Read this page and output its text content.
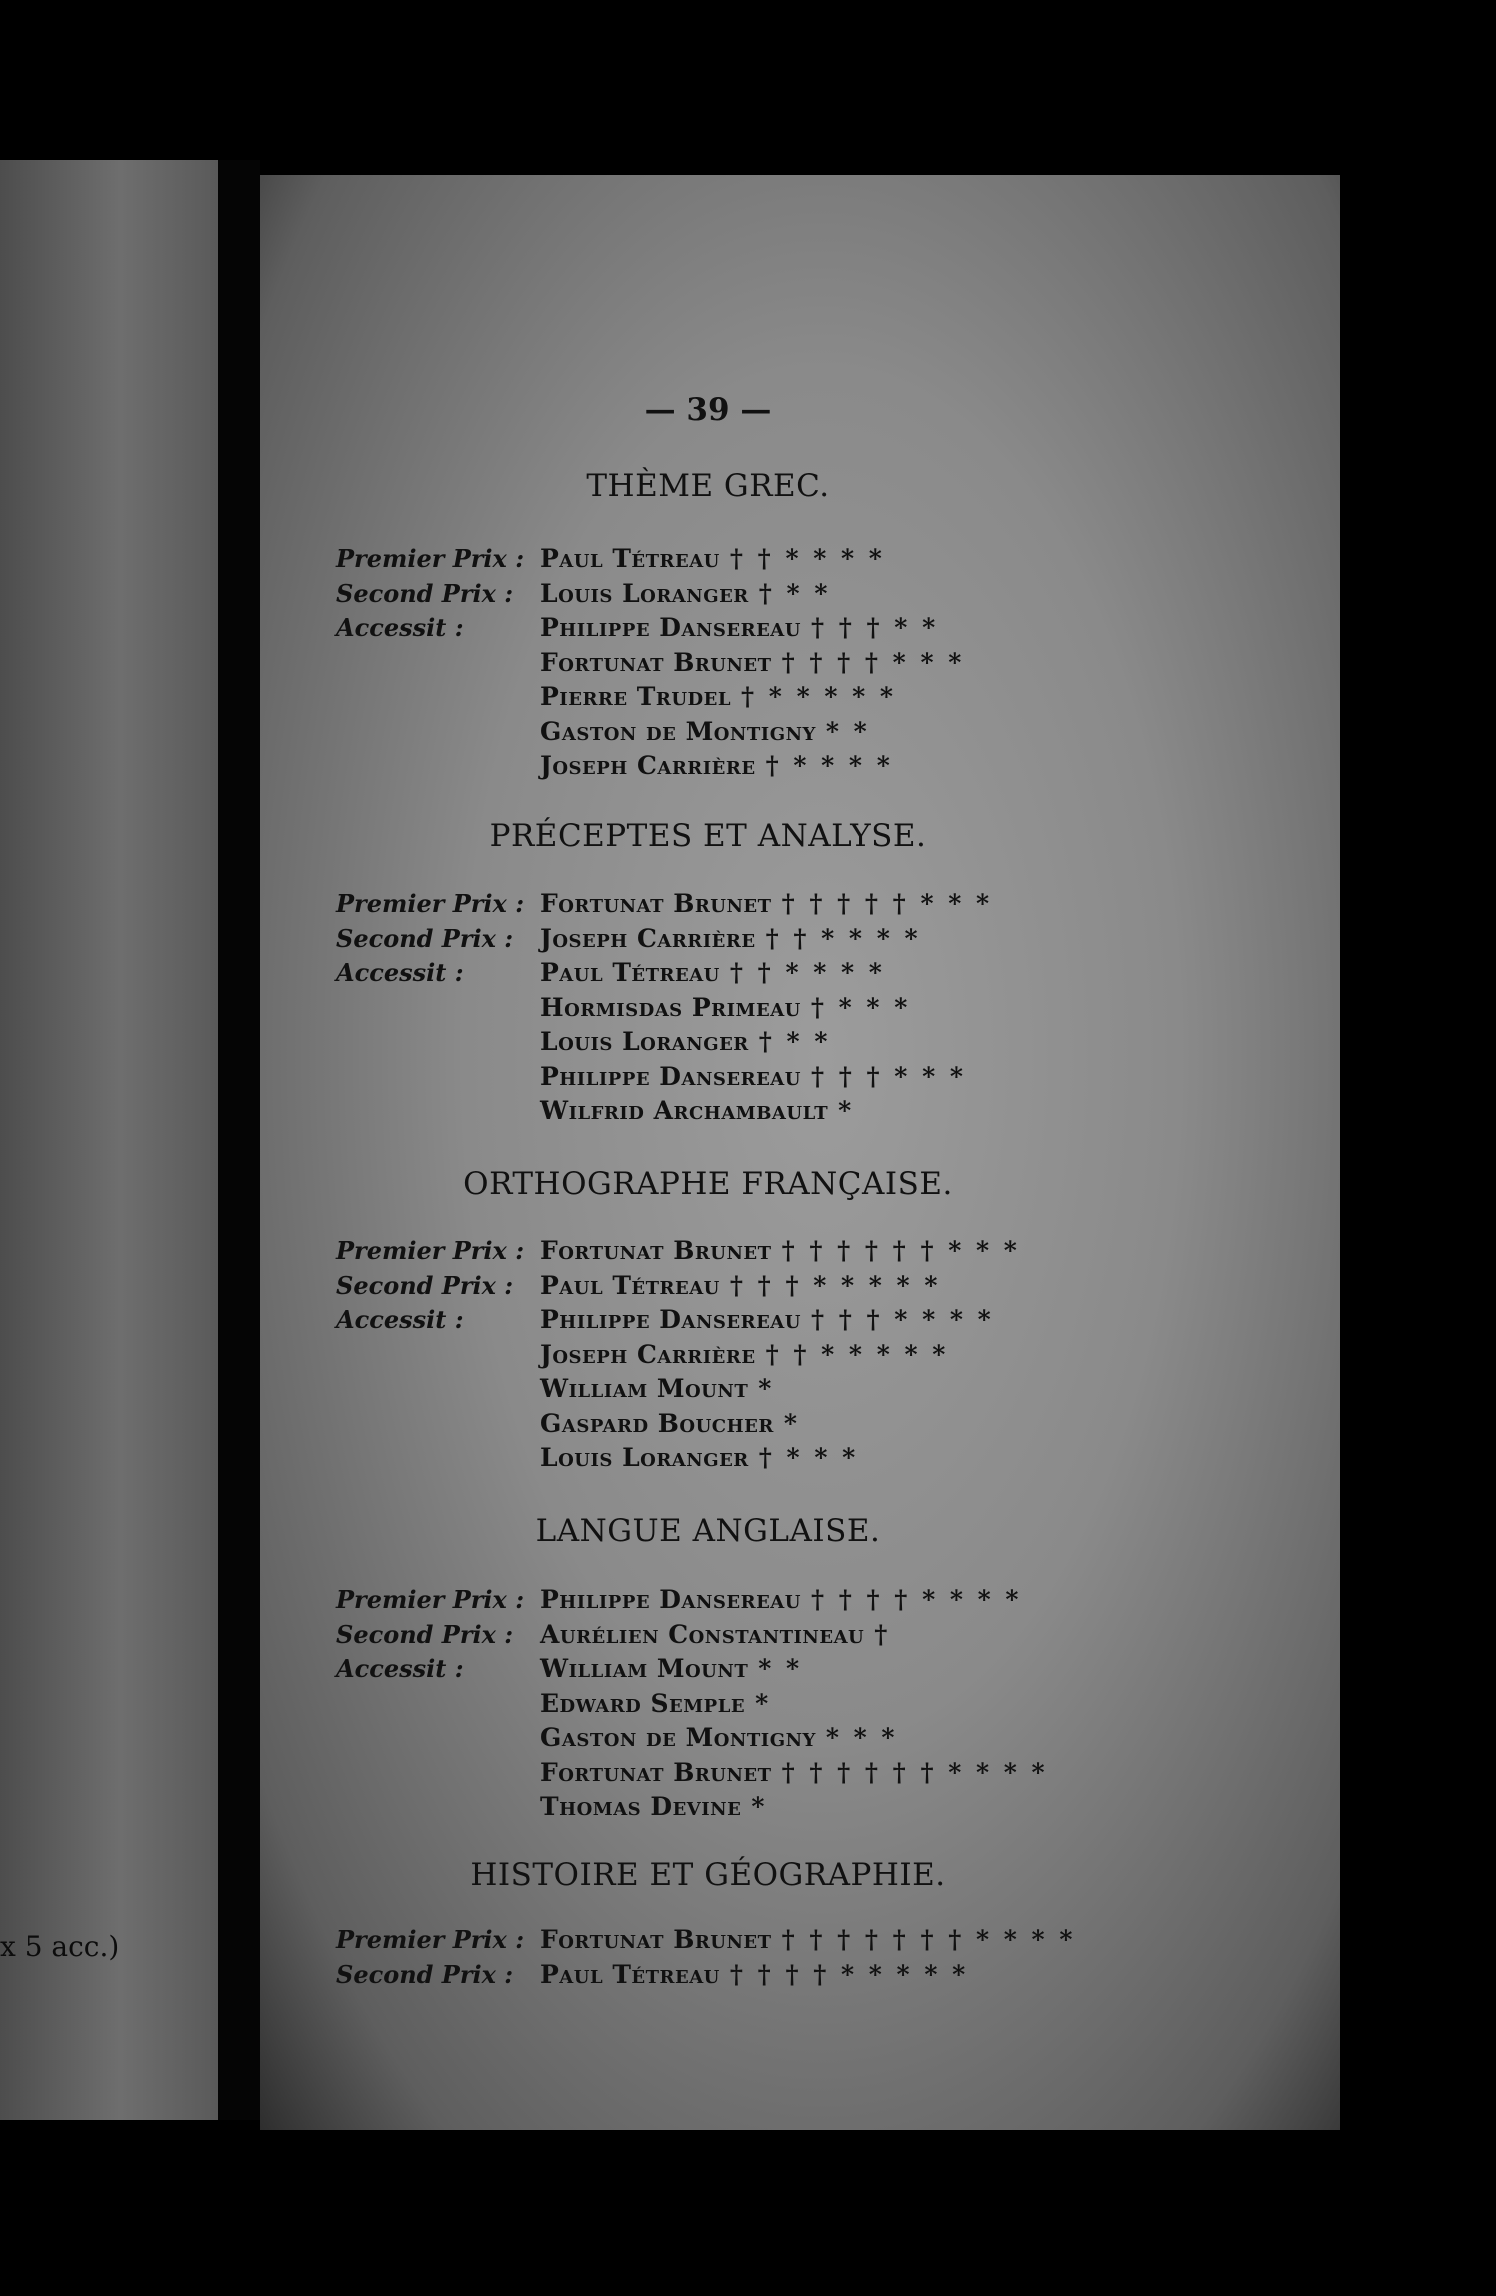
x 5 acc.)
— 39 —
THÈME GREC.
Premier Prix : Paul Tétreau † † * * * *
Second Prix :	Louis Loranger † * *
Accessit :	Philippe Dansereau † † † * *
Fortunat Brunet † † † † * * *
Pierre Trudel † * * * * *
Gaston de Montigny * *
Joseph Carrière † * * * *
PRÉCEPTES ET ANALYSE.
Premier Prix : Fortunat Brunet † † † † † * * *
Second Prix :	Joseph Carrière † † * * * *
Accessit :	Paul Tétreau † † * * * *
Hormisdas Primeau † * * *
Louis Loranger † * *
Philippe Dansereau † † † * * *
Wilfrid Archambault *
ORTHOGRAPHE FRANÇAISE.
Premier Prix : Fortunat Brunet † † † † † † * * *
Second Prix :	Paul Tétreau † † † * * * * *
Accessit :	Philippe Dansereau † † † * * * *
Joseph Carrière † † * * * * *
William Mount *
Gaspard Boucher *
Louis Loranger † * * *
LANGUE ANGLAISE.
Premier Prix : Philippe Dansereau † † † † * * * *
Second Prix :	Aurélien Constantineau †
Accessit :	William Mount * *
Edward Semple *
Gaston de Montigny * * *
Fortunat Brunet † † † † † † * * * *
Thomas Devine *
HISTOIRE ET GÉOGRAPHIE.
Premier Prix : Fortunat Brunet † † † † † † † * * * *
Second Prix :	Paul Tétreau † † † † * * * * *
